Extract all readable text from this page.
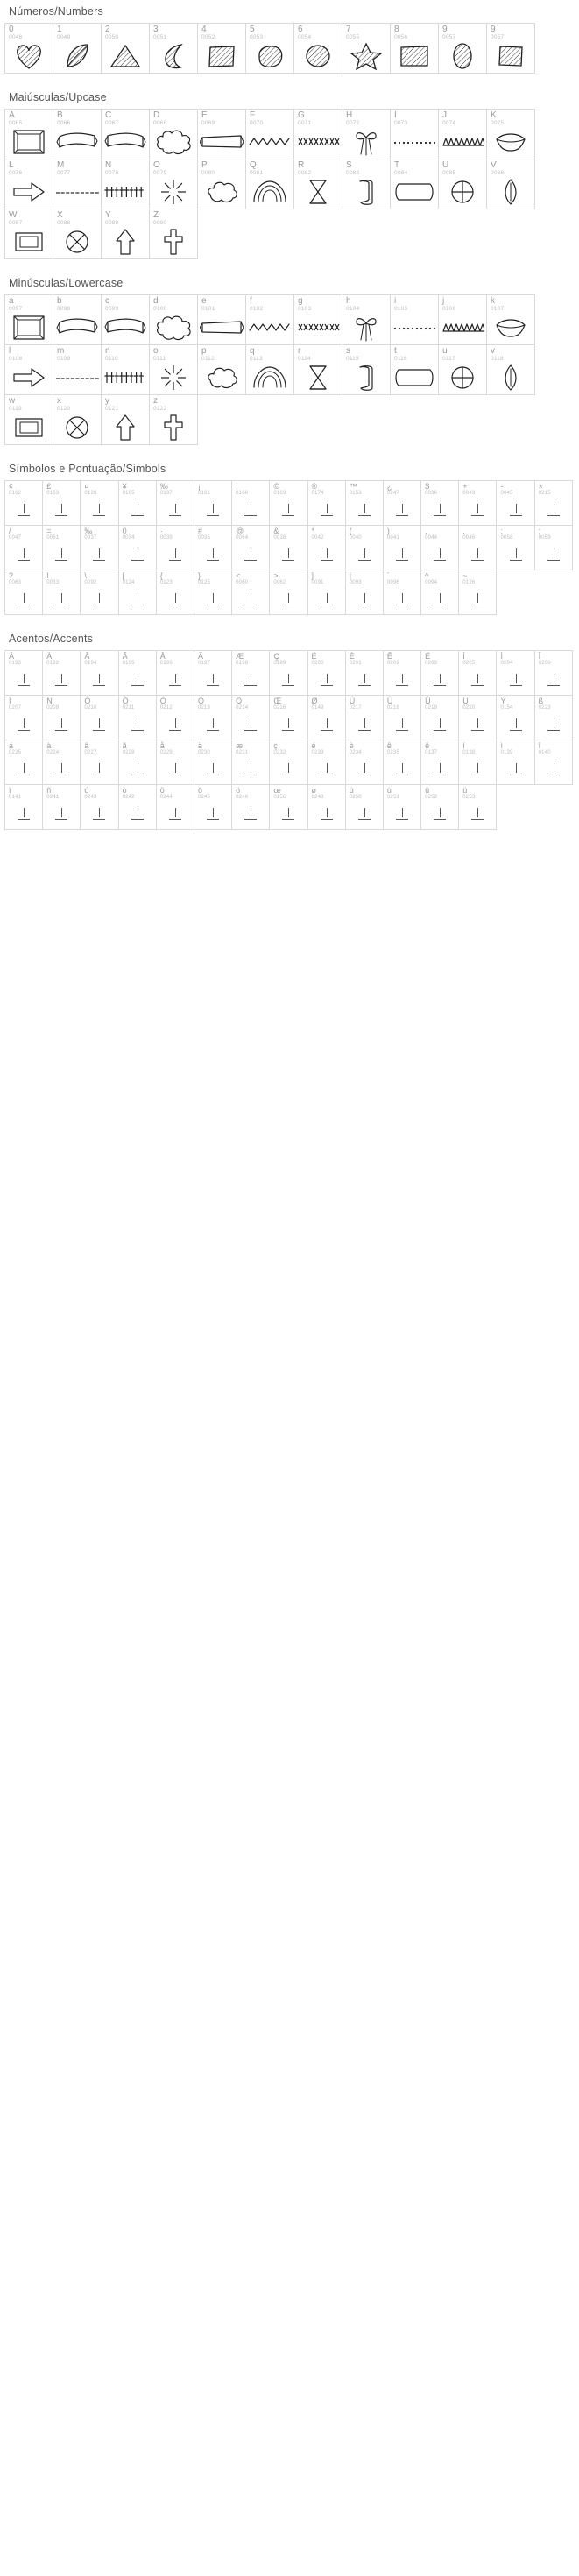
Números/Numbers
0
0048
1
0049
2
0050
3
0051
4
0052
5
0053
6
0054
7
0055
8
0056
9
0057
9
0057
Maiúsculas/Upcase
A
0065
B
0066
C
0067
D
0068
E
0069
F
0070
G
0071
H
0072
I
0073
J
0074
K
0075
L
0076
M
0077
N
0078
O
0079
P
0080
Q
0081
R
0082
S
0083
T
0084
U
0085
V
0086
W
0087
X
0088
Y
0089
Z
0090
Minúsculas/Lowercase
a
0097
b
0098
c
0099
d
0100
e
0101
f
0102
g
0103
h
0104
i
0105
j
0106
k
0107
l
0108
m
0109
n
0110
o
0111
p
0112
q
0113
r
0114
s
0115
t
0116
u
0117
v
0118
w
0119
x
0120
y
0121
z
0122
Símbolos e Pontuação/Simbols
¢
0162
£
0163
¤
0128
¥
0165
‰
0137
¡
0161
¦
0166
©
0169
®
0174
™
0153
¿
0247
$
0036
+
0043
-
0045
×
0215
/
0047
=
0061
‰
0037
0
0034
·
0039
#
0035
@
0064
&
0038
*
0042
(
0040
)
0041
,
0044
.
0046
:
0058
;
0059
?
0063
!
0033
\
0092
[
0124
{
0123
}
0125
<
0060
>
0062
]
0091
|
0093
´
0096
^
0094
~
0126
Acentos/Accents
Á
0193
À
0192
Â
0194
Ã
0195
Å
0196
Ä
0197
Æ
0198
Ç
0199
É
0200
È
0201
Ê
0202
Ë
0203
Í
0205
Ì
0204
Î
0206
Ï
0207
Ñ
0208
Ó
0210
Ò
0211
Ô
0212
Õ
0213
Ö
0214
Œ
0216
Ø
0149
Ú
0217
Ù
0218
Û
0219
Ü
0220
Ý
0154
ß
0223
á
0225
à
0224
â
0227
ã
0228
å
0229
ä
0230
æ
0231
ç
0232
é
0233
è
0234
ê
0235
ë
0137
í
0138
ì
0139
î
0140
ï
0141
ñ
0241
ó
0243
ò
0242
ô
0244
õ
0245
ö
0246
œ
0156
ø
0248
ú
0250
ù
0251
û
0252
ü
0253
